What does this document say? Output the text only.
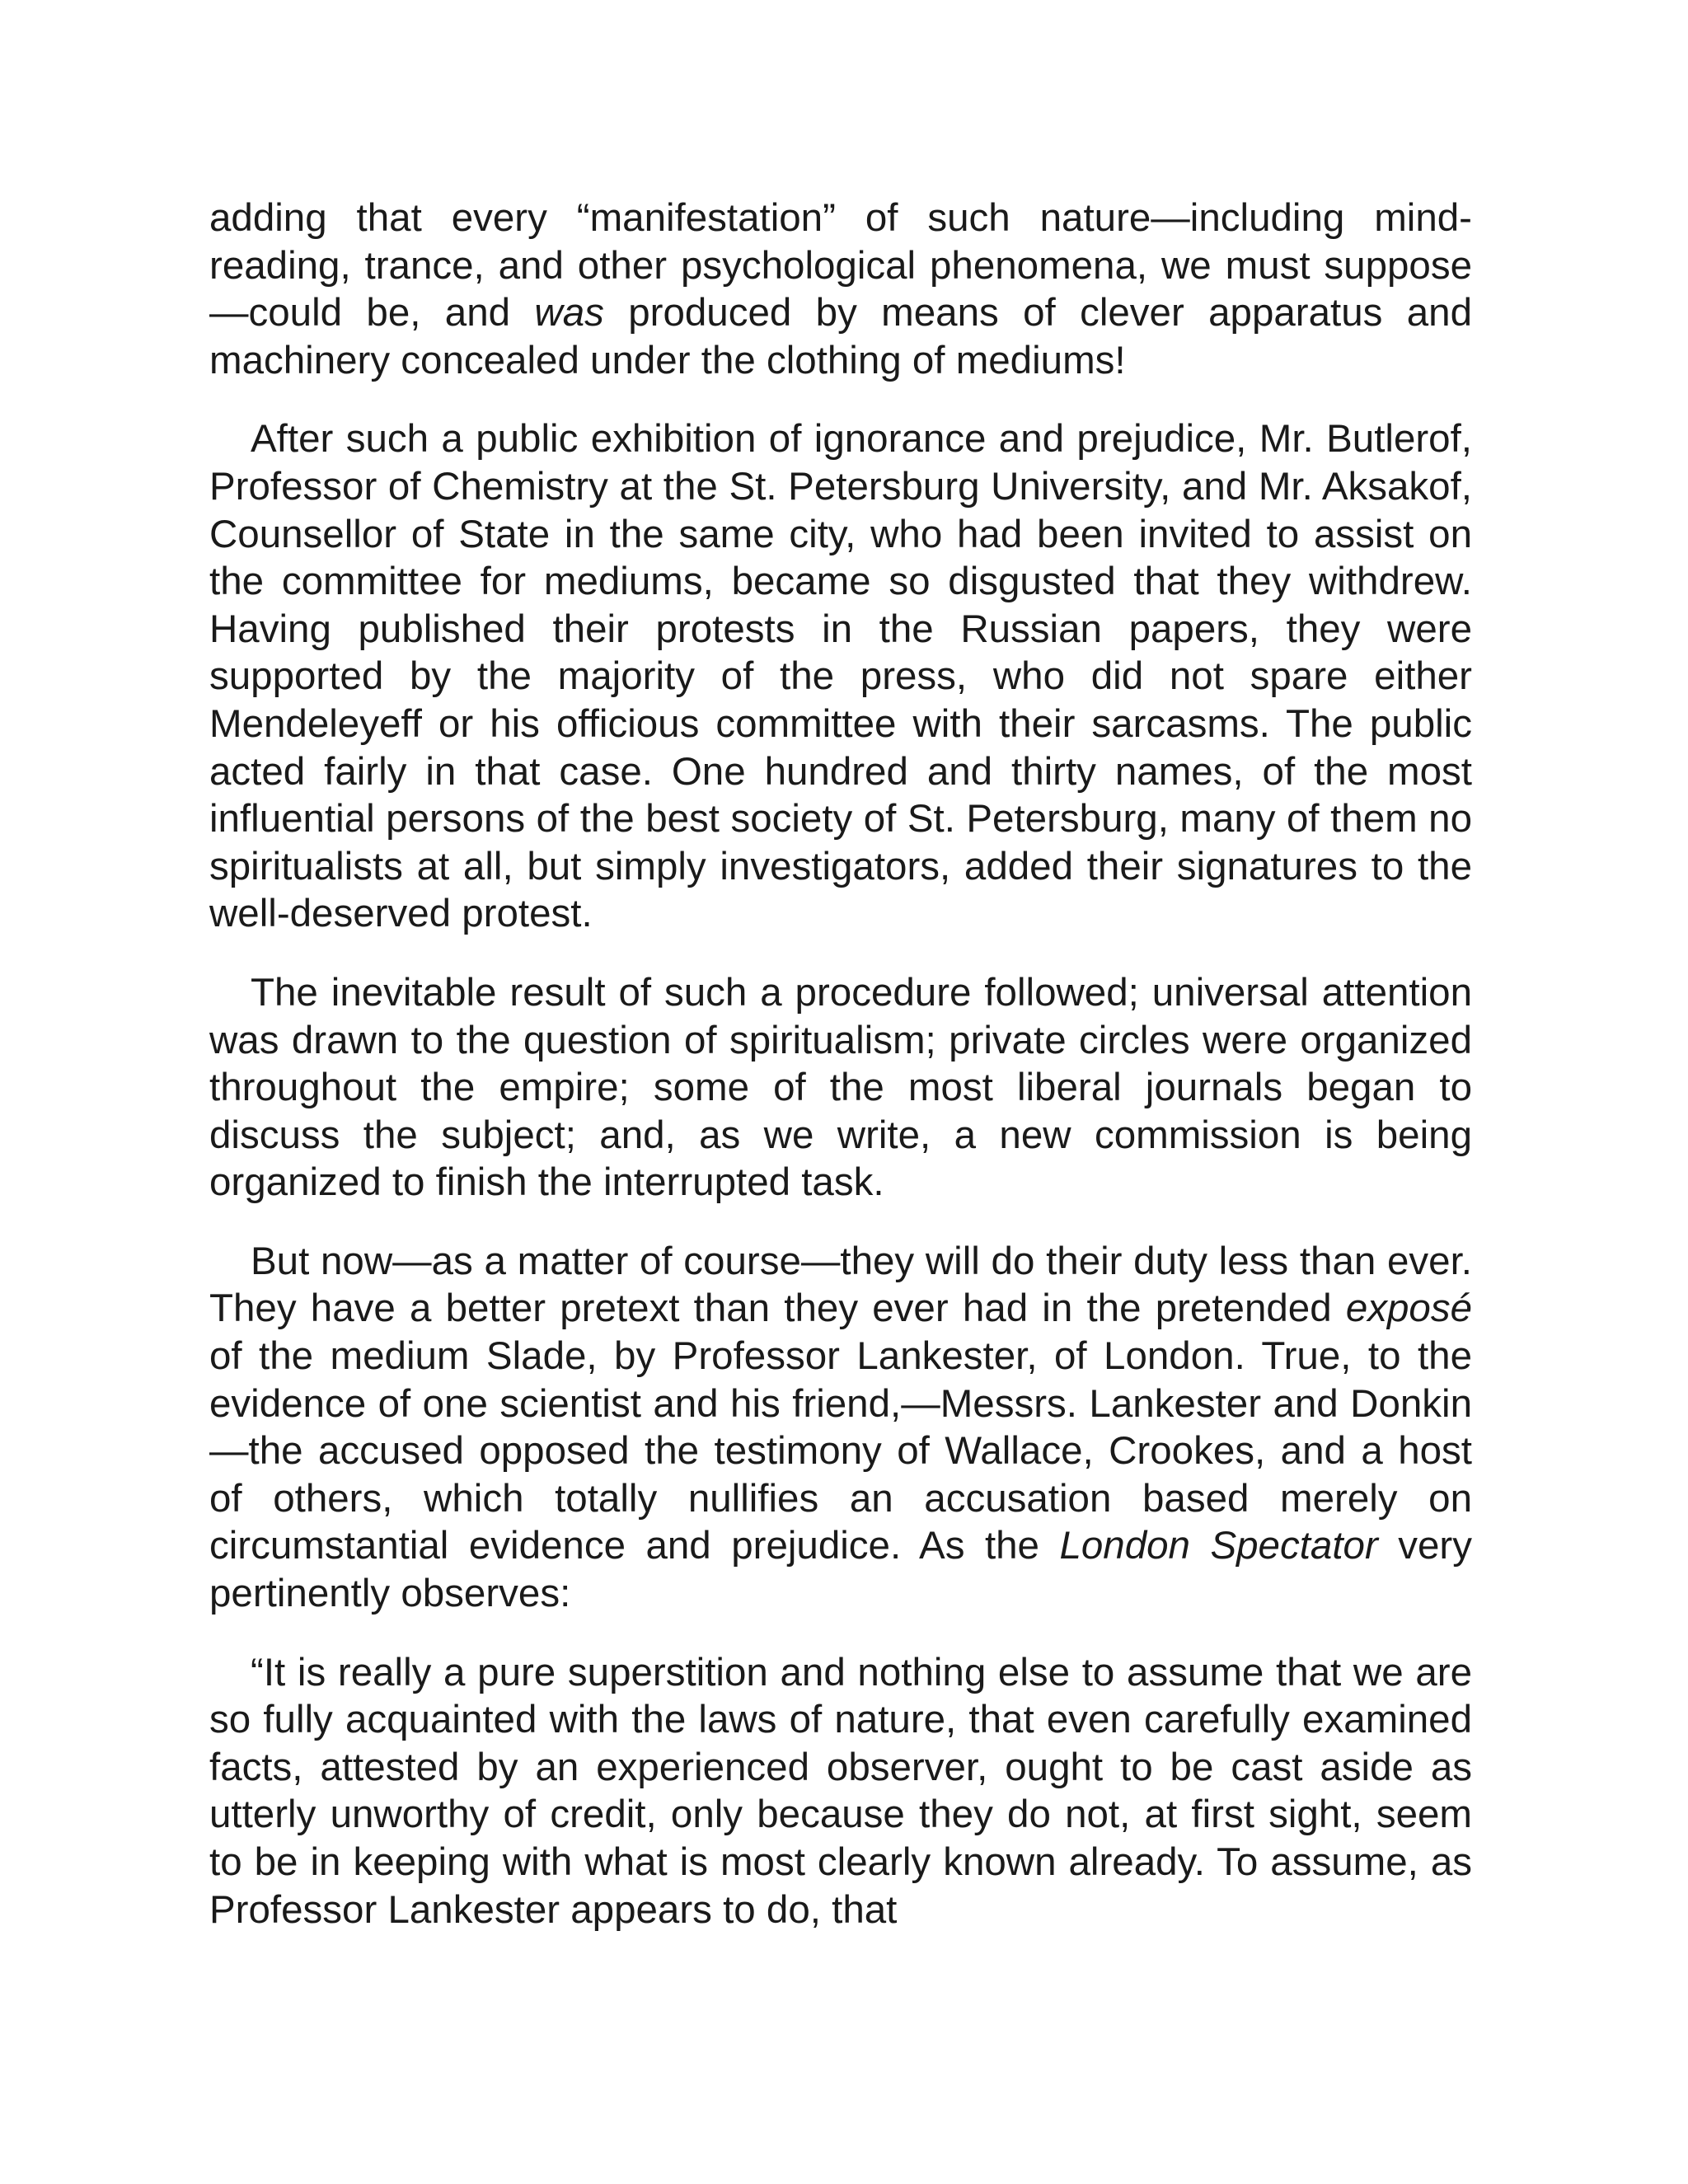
adding that every “manifestation” of such nature—including mind-reading, trance, and other psychological phenomena, we must suppose—could be, and was produced by means of clever apparatus and machinery concealed under the clothing of mediums!

After such a public exhibition of ignorance and prejudice, Mr. Butlerof, Professor of Chemistry at the St. Petersburg University, and Mr. Aksakof, Counsellor of State in the same city, who had been invited to assist on the committee for mediums, became so disgusted that they withdrew. Having published their protests in the Russian papers, they were supported by the majority of the press, who did not spare either Mendeleyeff or his officious committee with their sarcasms. The public acted fairly in that case. One hundred and thirty names, of the most influential persons of the best society of St. Petersburg, many of them no spiritualists at all, but simply investigators, added their signatures to the well-deserved protest.

The inevitable result of such a procedure followed; universal attention was drawn to the question of spiritualism; private circles were organized throughout the empire; some of the most liberal journals began to discuss the subject; and, as we write, a new commission is being organized to finish the interrupted task.

But now—as a matter of course—they will do their duty less than ever. They have a better pretext than they ever had in the pretended exposé of the medium Slade, by Professor Lankester, of London. True, to the evidence of one scientist and his friend,—Messrs. Lankester and Donkin—the accused opposed the testimony of Wallace, Crookes, and a host of others, which totally nullifies an accusation based merely on circumstantial evidence and prejudice. As the London Spectator very pertinently observes:

“It is really a pure superstition and nothing else to assume that we are so fully acquainted with the laws of nature, that even carefully examined facts, attested by an experienced observer, ought to be cast aside as utterly unworthy of credit, only because they do not, at first sight, seem to be in keeping with what is most clearly known already. To assume, as Professor Lankester appears to do, that
